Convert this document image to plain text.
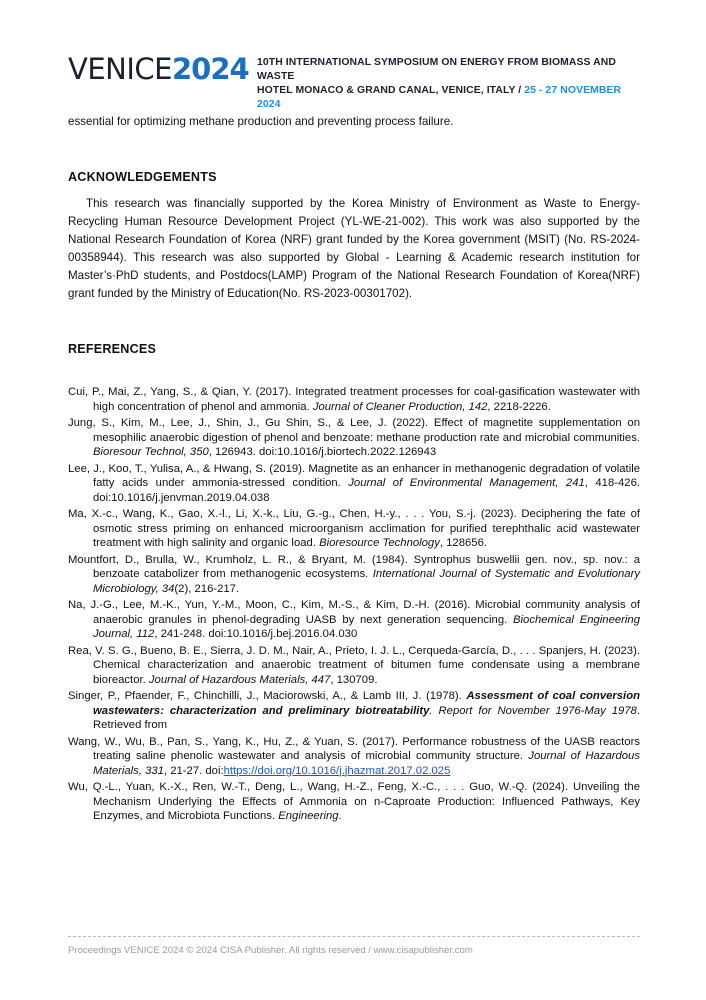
VENICE2024 10TH INTERNATIONAL SYMPOSIUM ON ENERGY FROM BIOMASS AND WASTE
HOTEL MONACO & GRAND CANAL, VENICE, ITALY / 25 - 27 NOVEMBER 2024

essential for optimizing methane production and preventing process failure.

ACKNOWLEDGEMENTS

This research was financially supported by the Korea Ministry of Environment as Waste to Energy-Recycling Human Resource Development Project (YL-WE-21-002). This work was also supported by the National Research Foundation of Korea (NRF) grant funded by the Korea government (MSIT) (No. RS-2024-00358944). This research was also supported by Global - Learning & Academic research institution for Master’s·PhD students, and Postdocs(LAMP) Program of the National Research Foundation of Korea(NRF) grant funded by the Ministry of Education(No. RS-2023-00301702).

REFERENCES

Cui, P., Mai, Z., Yang, S., & Qian, Y. (2017). Integrated treatment processes for coal-gasification wastewater with high concentration of phenol and ammonia. Journal of Cleaner Production, 142, 2218-2226.

Jung, S., Kim, M., Lee, J., Shin, J., Gu Shin, S., & Lee, J. (2022). Effect of magnetite supplementation on mesophilic anaerobic digestion of phenol and benzoate: methane production rate and microbial communities. Bioresour Technol, 350, 126943. doi:10.1016/j.biortech.2022.126943

Lee, J., Koo, T., Yulisa, A., & Hwang, S. (2019). Magnetite as an enhancer in methanogenic degradation of volatile fatty acids under ammonia-stressed condition. Journal of Environmental Management, 241, 418-426. doi:10.1016/j.jenvman.2019.04.038

Ma, X.-c., Wang, K., Gao, X.-l., Li, X.-k., Liu, G.-g., Chen, H.-y., . . . You, S.-j. (2023). Deciphering the fate of osmotic stress priming on enhanced microorganism acclimation for purified terephthalic acid wastewater treatment with high salinity and organic load. Bioresource Technology, 128656.

Mountfort, D., Brulla, W., Krumholz, L. R., & Bryant, M. (1984). Syntrophus buswellii gen. nov., sp. nov.: a benzoate catabolizer from methanogenic ecosystems. International Journal of Systematic and Evolutionary Microbiology, 34(2), 216-217.

Na, J.-G., Lee, M.-K., Yun, Y.-M., Moon, C., Kim, M.-S., & Kim, D.-H. (2016). Microbial community analysis of anaerobic granules in phenol-degrading UASB by next generation sequencing. Biochemical Engineering Journal, 112, 241-248. doi:10.1016/j.bej.2016.04.030

Rea, V. S. G., Bueno, B. E., Sierra, J. D. M., Nair, A., Prieto, I. J. L., Cerqueda-García, D., . . . Spanjers, H. (2023). Chemical characterization and anaerobic treatment of bitumen fume condensate using a membrane bioreactor. Journal of Hazardous Materials, 447, 130709.

Singer, P., Pfaender, F., Chinchilli, J., Maciorowski, A., & Lamb III, J. (1978). Assessment of coal conversion wastewaters: characterization and preliminary biotreatability. Report for November 1976-May 1978. Retrieved from

Wang, W., Wu, B., Pan, S., Yang, K., Hu, Z., & Yuan, S. (2017). Performance robustness of the UASB reactors treating saline phenolic wastewater and analysis of microbial community structure. Journal of Hazardous Materials, 331, 21-27. doi:https://doi.org/10.1016/j.jhazmat.2017.02.025

Wu, Q.-L., Yuan, K.-X., Ren, W.-T., Deng, L., Wang, H.-Z., Feng, X.-C., . . . Guo, W.-Q. (2024). Unveiling the Mechanism Underlying the Effects of Ammonia on n-Caproate Production: Influenced Pathways, Key Enzymes, and Microbiota Functions. Engineering.

Proceedings VENICE 2024 © 2024 CISA Publisher. All rights reserved / www.cisapublisher.com
